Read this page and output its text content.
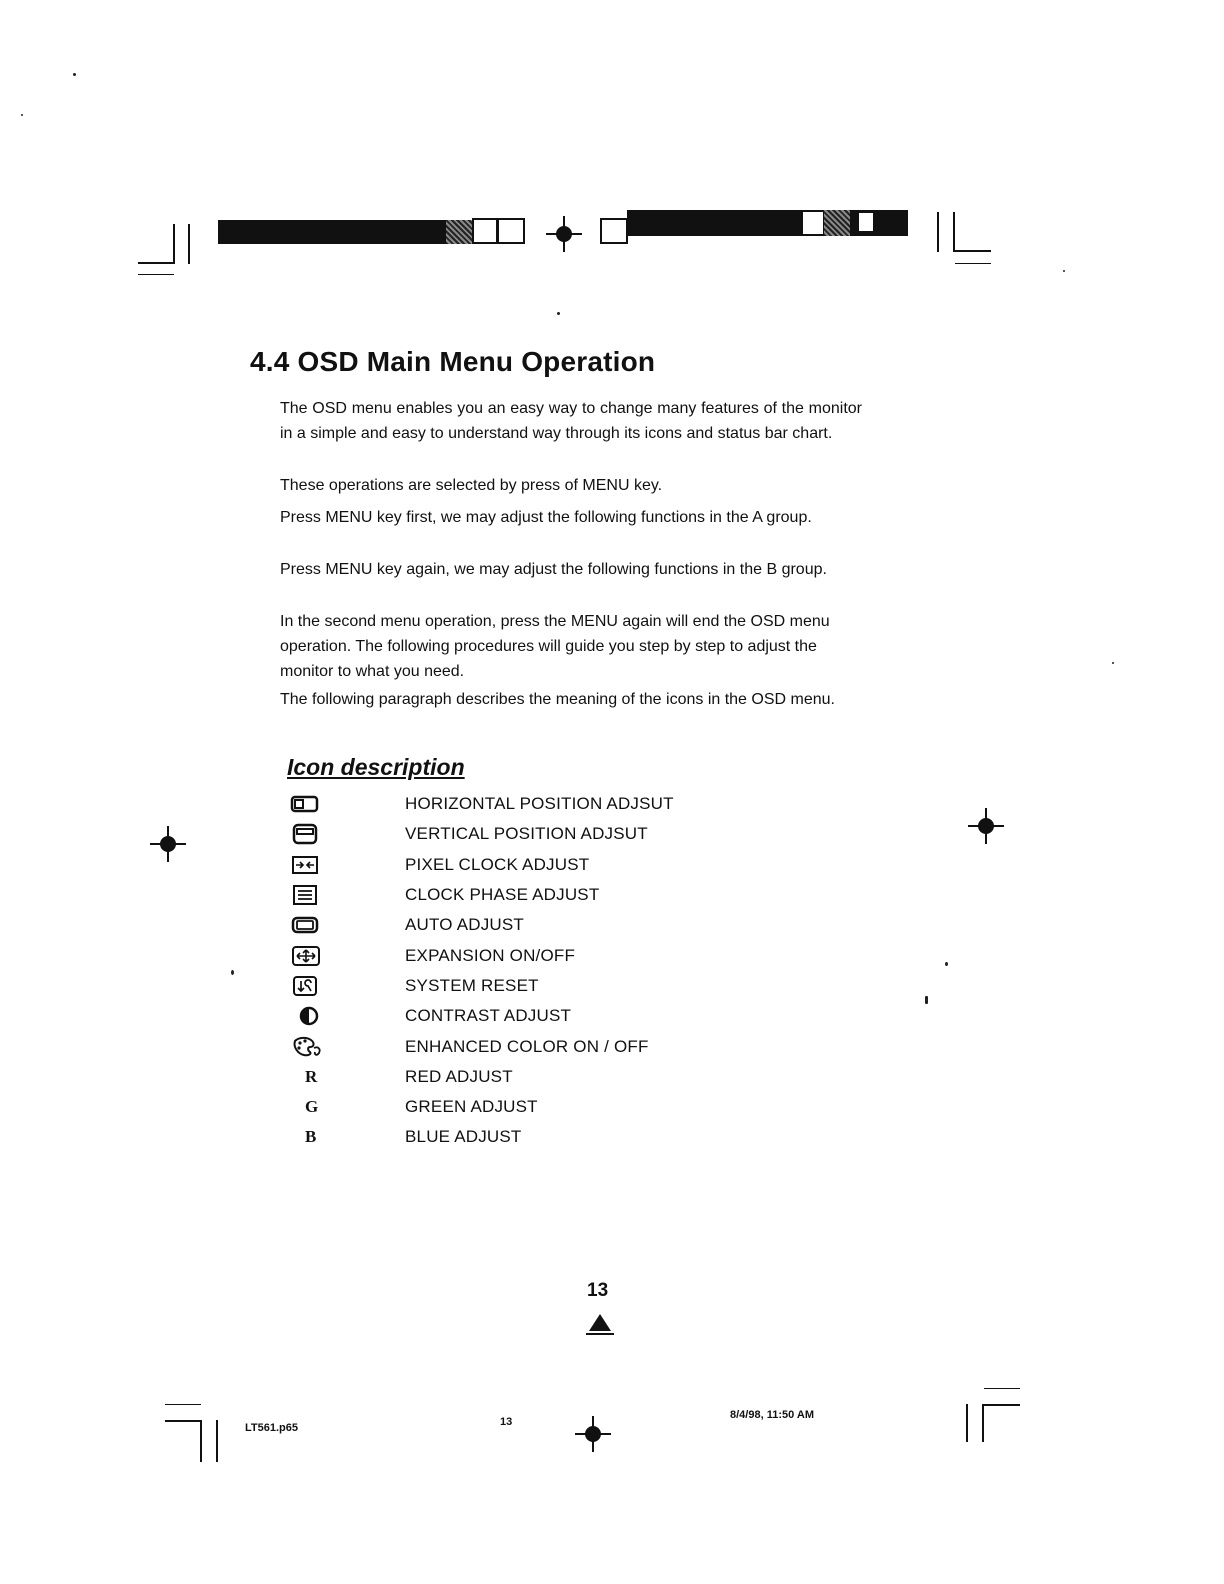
4.4 OSD Main Menu Operation

The OSD menu enables you an easy way to change many features of the monitor in a simple and easy to understand way through its icons and status bar chart.

These operations are selected by press of MENU key.

Press MENU key first, we may adjust the following functions in the A group.

Press MENU key again, we may adjust the following functions in the B group.

In the second menu operation, press the MENU again will end the OSD menu operation. The following procedures will guide you step by step to adjust the monitor to what you need.

The following paragraph describes the meaning of the icons in the OSD menu.

Icon description
HORIZONTAL POSITION ADJSUT
VERTICAL POSITION ADJSUT
PIXEL CLOCK ADJUST
CLOCK PHASE ADJUST
AUTO ADJUST
EXPANSION ON/OFF
SYSTEM RESET
CONTRAST ADJUST
ENHANCED COLOR ON / OFF
R	RED ADJUST
G	GREEN ADJUST
B	BLUE ADJUST
13
LT561.p65	13
8/4/98, 11:50 AM
